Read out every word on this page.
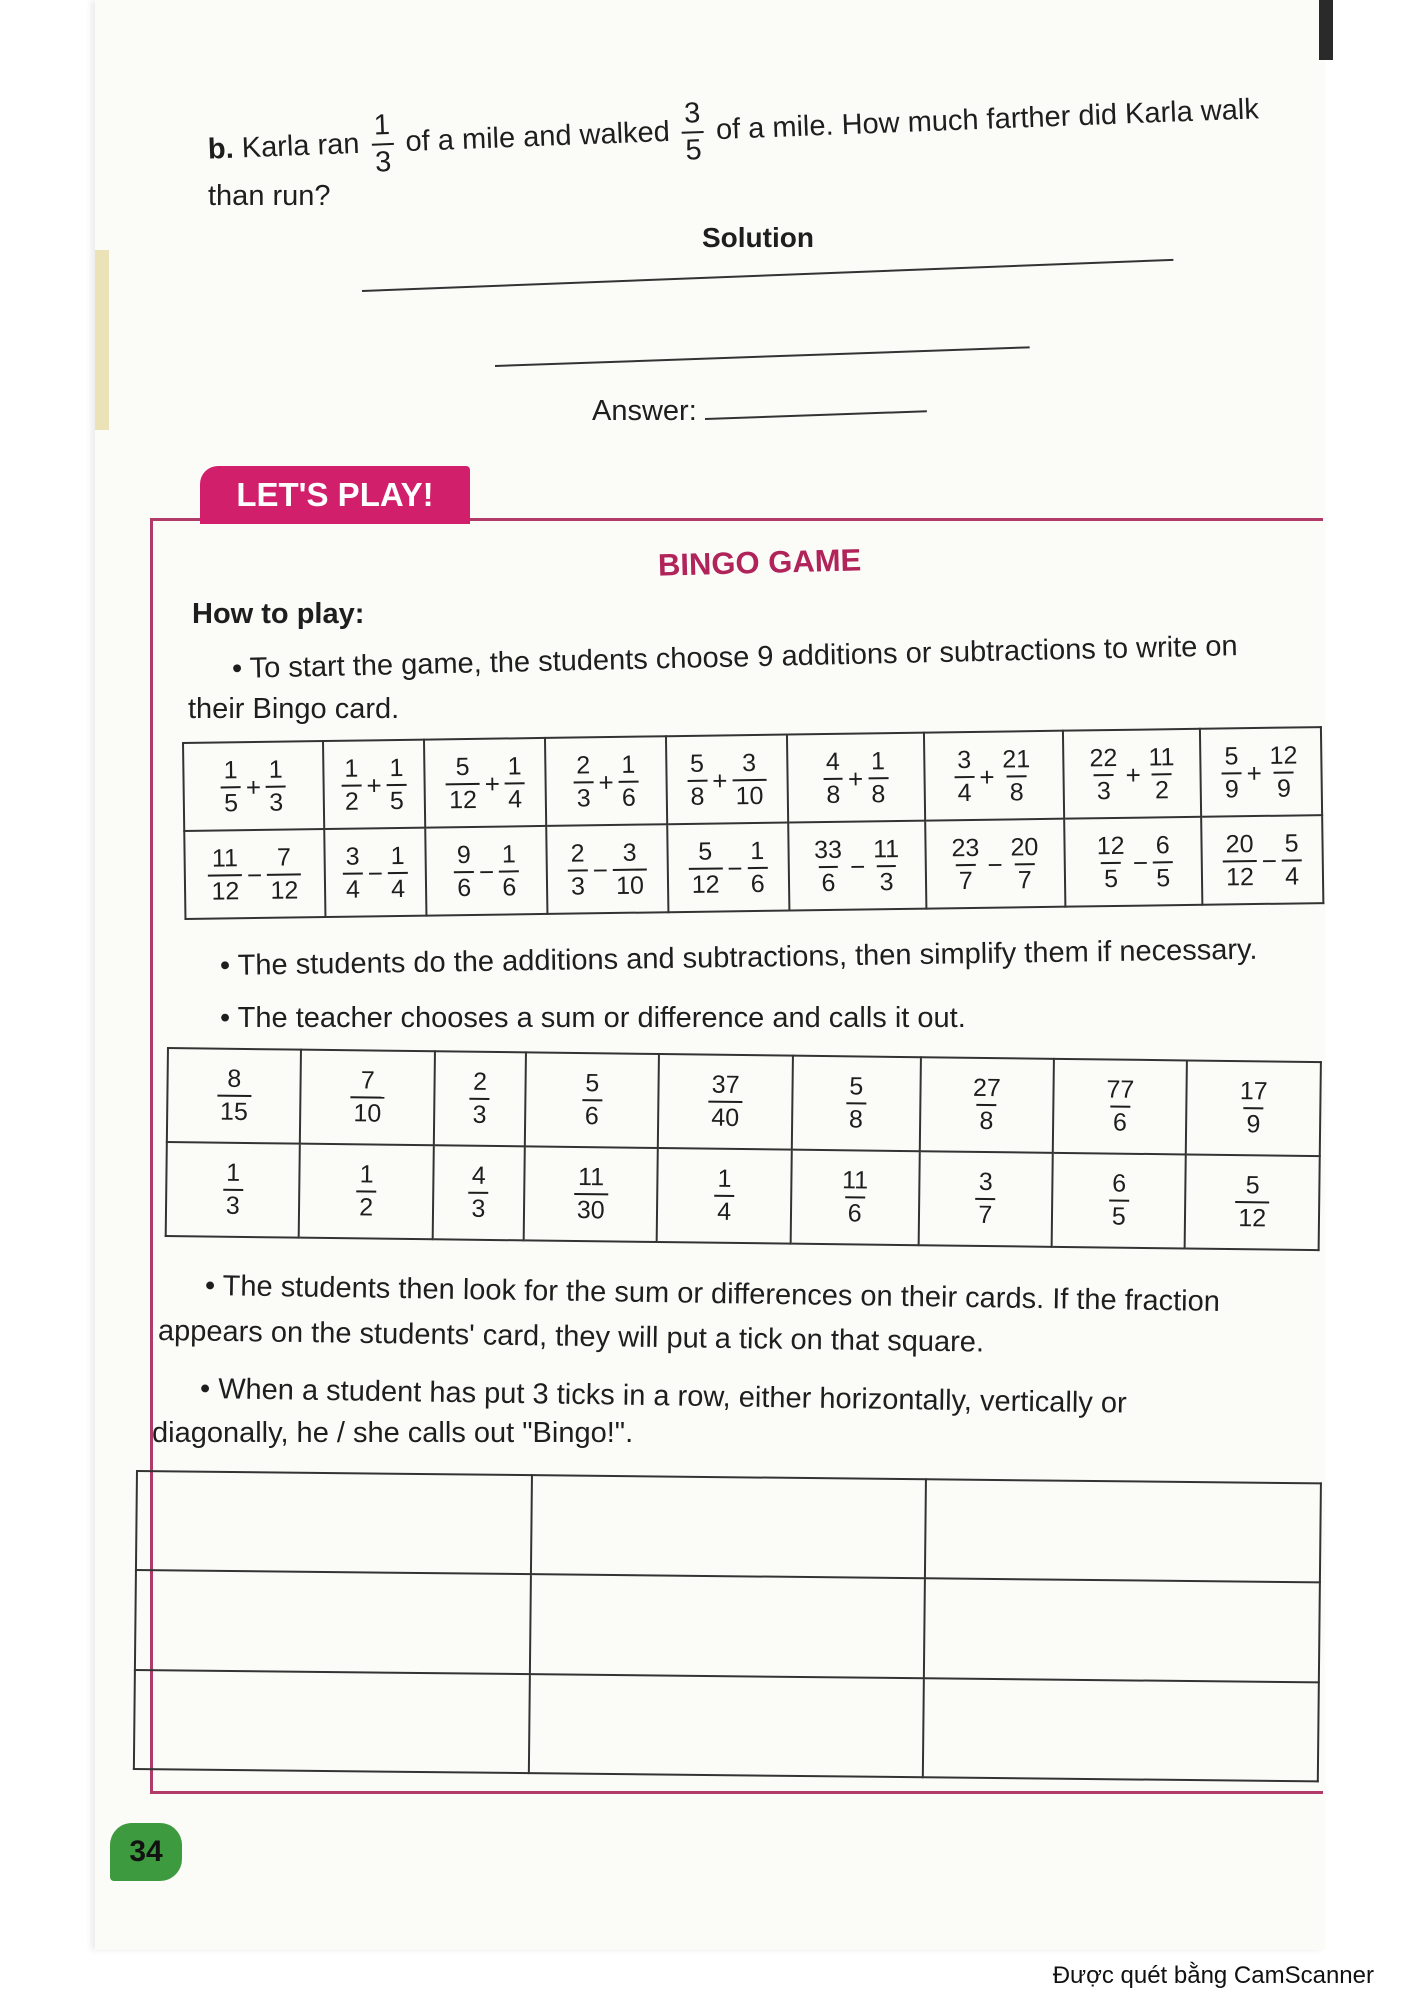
b. Karla ran $\frac{1}{3}$ of a mile and walked $\frac{3}{5}$ of a mile. How much farther did Karla walk
than run?
Solution
Answer:
LET'S PLAY!
BINGO GAME
How to play:
• To start the game, the students choose 9 additions or subtractions to write on
their Bingo card.
$\frac{1}{5} + \frac{1}{3}$	$\frac{1}{2} + \frac{1}{5}$	$\frac{5}{12} + \frac{1}{4}$	$\frac{2}{3} + \frac{1}{6}$	$\frac{5}{8} + \frac{3}{10}$	$\frac{4}{8} + \frac{1}{8}$	$\frac{3}{4} + \frac{21}{8}$	$\frac{22}{3} + \frac{11}{2}$	$\frac{5}{9} + \frac{12}{9}$

$\frac{11}{12} - \frac{7}{12}$	$\frac{3}{4} - \frac{1}{4}$	$\frac{9}{6} - \frac{1}{6}$	$\frac{2}{3} - \frac{3}{10}$	$\frac{5}{12} - \frac{1}{6}$	$\frac{33}{6} - \frac{11}{3}$	$\frac{23}{7} - \frac{20}{7}$	$\frac{12}{5} - \frac{6}{5}$	$\frac{20}{12} - \frac{5}{4}$
• The students do the additions and subtractions, then simplify them if necessary.
• The teacher chooses a sum or difference and calls it out.
$\frac{8}{15}$	$\frac{7}{10}$	$\frac{2}{3}$	$\frac{5}{6}$	$\frac{37}{40}$	$\frac{5}{8}$	$\frac{27}{8}$	$\frac{77}{6}$	$\frac{17}{9}$

$\frac{1}{3}$	$\frac{1}{2}$	$\frac{4}{3}$	$\frac{11}{30}$	$\frac{1}{4}$	$\frac{11}{6}$	$\frac{3}{7}$	$\frac{6}{5}$	$\frac{5}{12}$
• The students then look for the sum or differences on their cards. If the fraction
appears on the students' card, they will put a tick on that square.
• When a student has put 3 ticks in a row, either horizontally, vertically or
diagonally, he / she calls out "Bingo!".

34
Được quét bằng CamScanner
